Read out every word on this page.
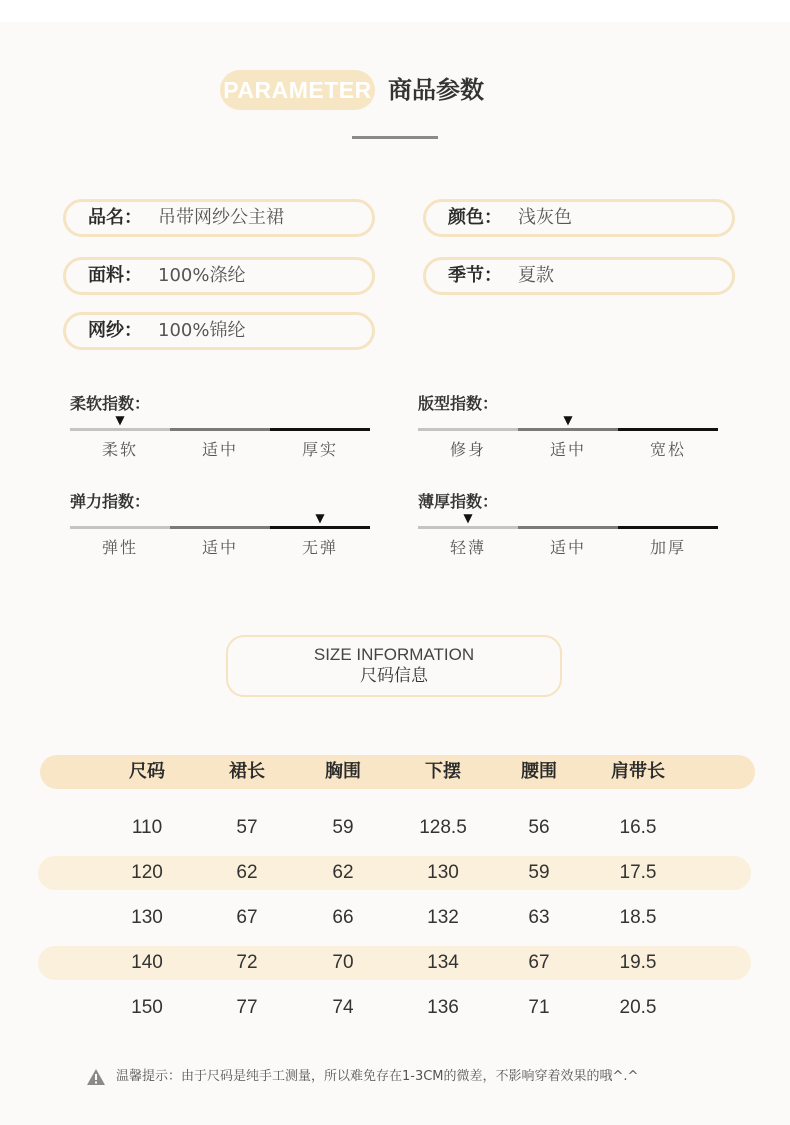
PARAMETER 商品参数
品名： 吊带网纱公主裙	颜色： 浅灰色
面料： 100%涤纶	季节： 夏款
网纱： 100%锦纶
柔软指数：
▼
柔软	适中	厚实
版型指数：
▼
修身	适中	宽松
弹力指数：
▼
弹性	适中	无弹
薄厚指数：
▼
轻薄	适中	加厚
SIZE INFORMATION
尺码信息
尺码	裙长	胸围	下摆	腰围	肩带长
110	57	59	128.5	56	16.5
120	62	62	130	59	17.5
130	67	66	132	63	18.5
140	72	70	134	67	19.5
150	77	74	136	71	20.5
温馨提示：由于尺码是纯手工测量，所以难免存在1-3CM的微差，不影响穿着效果的哦^.^
